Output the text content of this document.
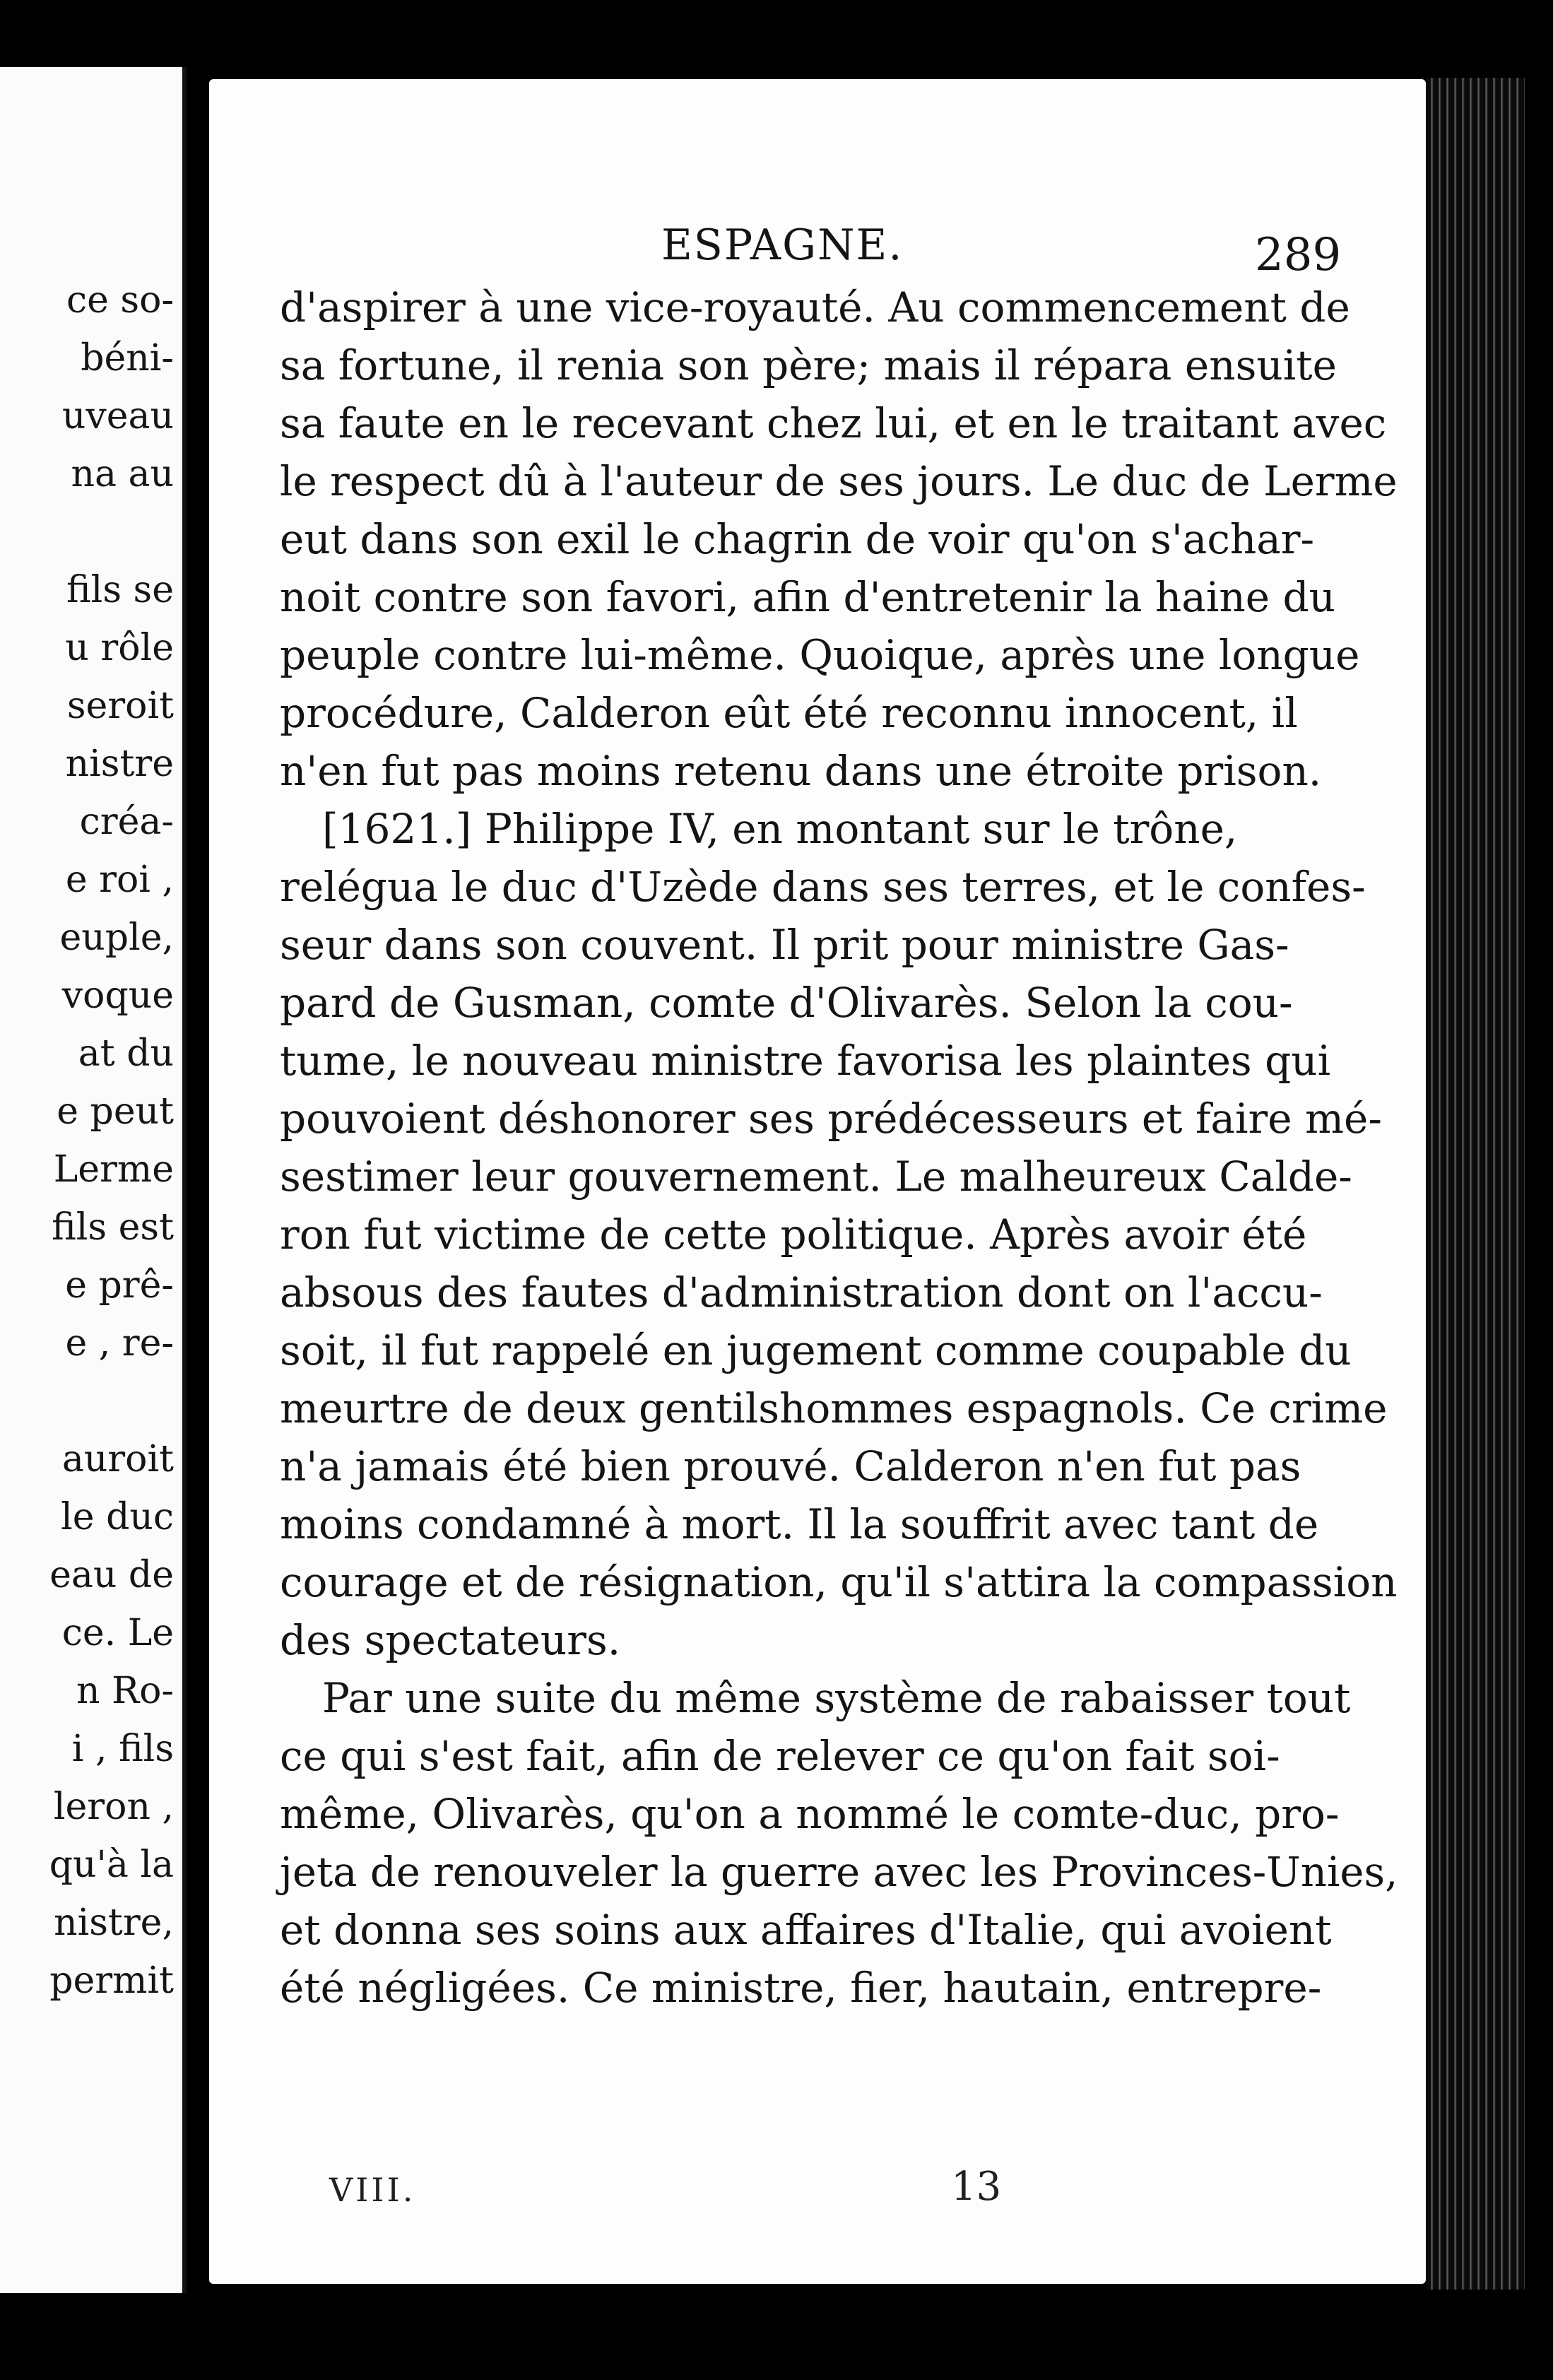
ce so-
béni-
uveau
na au
fils se
u rôle
seroit
nistre
créa-
e roi ,
euple,
voque
at du
e peut
Lerme
fils est
e prê-
e , re-
auroit
le duc
eau de
ce. Le
n Ro-
i , fils
leron ,
qu'à la
nistre,
permit
ESPAGNE.	289
d'aspirer à une vice-royauté. Au commencement de
sa fortune, il renia son père; mais il répara ensuite
sa faute en le recevant chez lui, et en le traitant avec
le respect dû à l'auteur de ses jours. Le duc de Lerme
eut dans son exil le chagrin de voir qu'on s'achar-
noit contre son favori, afin d'entretenir la haine du
peuple contre lui-même. Quoique, après une longue
procédure, Calderon eût été reconnu innocent, il
n'en fut pas moins retenu dans une étroite prison.
[1621.] Philippe IV, en montant sur le trône,
relégua le duc d'Uzède dans ses terres, et le confes-
seur dans son couvent. Il prit pour ministre Gas-
pard de Gusman, comte d'Olivarès. Selon la cou-
tume, le nouveau ministre favorisa les plaintes qui
pouvoient déshonorer ses prédécesseurs et faire mé-
sestimer leur gouvernement. Le malheureux Calde-
ron fut victime de cette politique. Après avoir été
absous des fautes d'administration dont on l'accu-
soit, il fut rappelé en jugement comme coupable du
meurtre de deux gentilshommes espagnols. Ce crime
n'a jamais été bien prouvé. Calderon n'en fut pas
moins condamné à mort. Il la souffrit avec tant de
courage et de résignation, qu'il s'attira la compassion
des spectateurs.
Par une suite du même système de rabaisser tout
ce qui s'est fait, afin de relever ce qu'on fait soi-
même, Olivarès, qu'on a nommé le comte-duc, pro-
jeta de renouveler la guerre avec les Provinces-Unies,
et donna ses soins aux affaires d'Italie, qui avoient
été négligées. Ce ministre, fier, hautain, entrepre-
VIII.	13
